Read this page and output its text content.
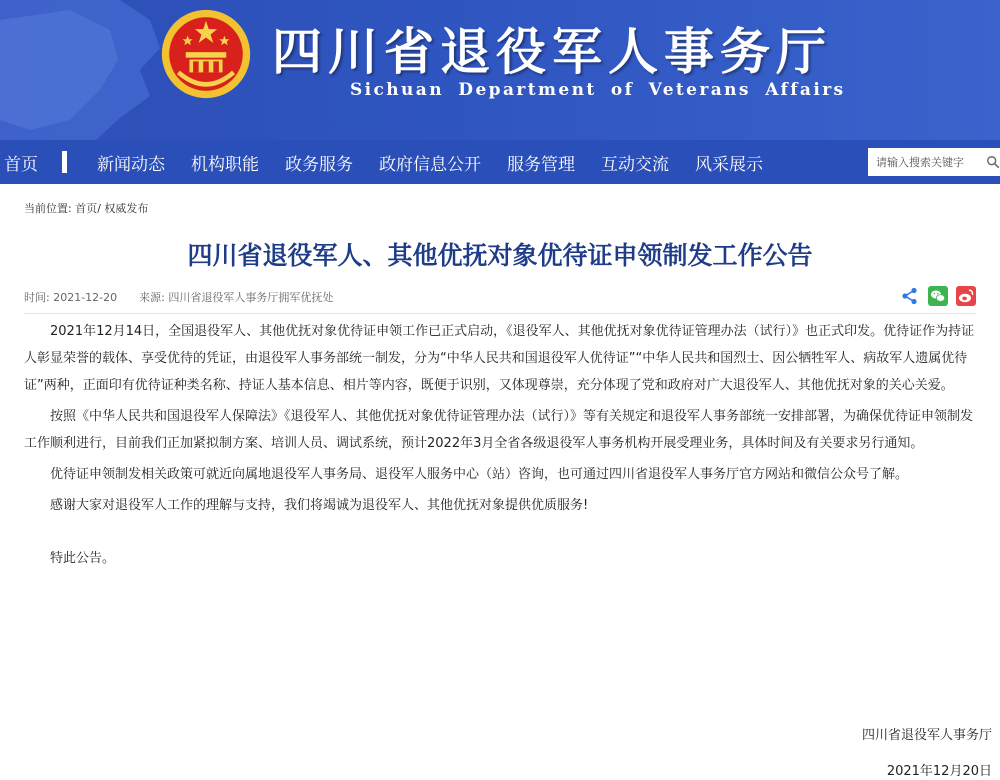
四川省退役军人事务厅
Sichuan Department of Veterans Affairs
首页	新闻动态 机构职能 政务服务 政府信息公开 服务管理 互动交流 风采展示
请输入搜索关键字
当前位置: 首页/ 权威发布
四川省退役军人、其他优抚对象优待证申领制发工作公告
时间: 2021-12-20 来源: 四川省退役军人事务厅拥军优抚处

2021年12月14日，全国退役军人、其他优抚对象优待证申领工作已正式启动，《退役军人、其他优抚对象优待证管理办法（试行）》也正式印发。优待证作为持证人彰显荣誉的载体、享受优待的凭证，由退役军人事务部统一制发，分为“中华人民共和国退役军人优待证”“中华人民共和国烈士、因公牺牲军人、病故军人遗属优待证”两种，正面印有优待证种类名称、持证人基本信息、相片等内容，既便于识别，又体现尊崇，充分体现了党和政府对广大退役军人、其他优抚对象的关心关爱。

按照《中华人民共和国退役军人保障法》《退役军人、其他优抚对象优待证管理办法（试行）》等有关规定和退役军人事务部统一安排部署，为确保优待证申领制发工作顺利进行，目前我们正加紧拟制方案、培训人员、调试系统，预计2022年3月全省各级退役军人事务机构开展受理业务，具体时间及有关要求另行通知。

优待证申领制发相关政策可就近向属地退役军人事务局、退役军人服务中心（站）咨询，也可通过四川省退役军人事务厅官方网站和微信公众号了解。

感谢大家对退役军人工作的理解与支持，我们将竭诚为退役军人、其他优抚对象提供优质服务!

特此公告。

四川省退役军人事务厅
2021年12月20日
